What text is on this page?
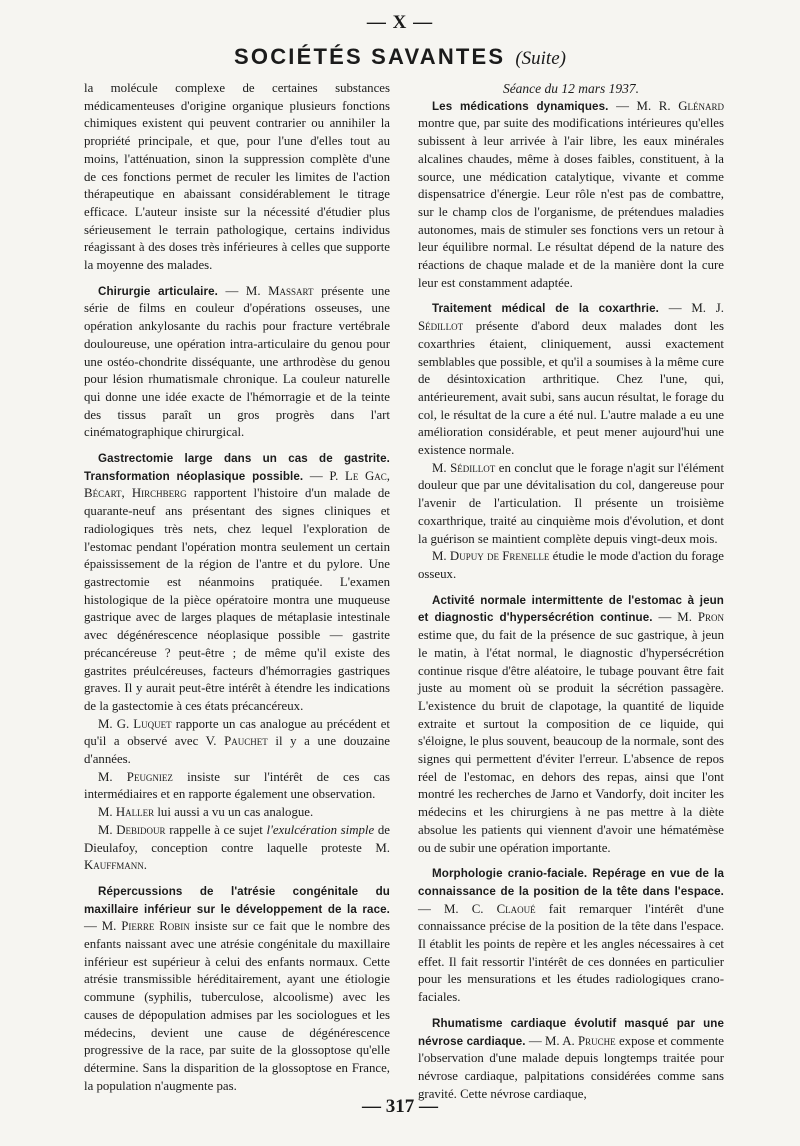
— X —
SOCIÉTÉS SAVANTES (Suite)

la molécule complexe de certaines substances médicamenteuses d'origine organique plusieurs fonctions chimiques existent qui peuvent contrarier ou annihiler la propriété principale, et que, pour l'une d'elles tout au moins, l'atténuation, sinon la suppression complète d'une de ces fonctions permet de reculer les limites de l'action thérapeutique en abaissant considérablement le titrage efficace. L'auteur insiste sur la nécessité d'étudier plus sérieusement le terrain pathologique, certains individus réagissant à des doses très inférieures à celles que supporte la moyenne des malades.

Chirurgie articulaire. — M. Massart présente une série de films en couleur d'opérations osseuses, une opération ankylosante du rachis pour fracture vertébrale douloureuse, une opération intra-articulaire du genou pour une ostéo-chondrite disséquante, une arthrodèse du genou pour lésion rhumatismale chronique. La couleur naturelle qui donne une idée exacte de l'hémorragie et de la teinte des tissus paraît un gros progrès dans l'art cinématographique chirurgical.

Gastrectomie large dans un cas de gastrite. Transformation néoplasique possible. — P. Le Gac, Bécart, Hirchberg rapportent l'histoire d'un malade de quarante-neuf ans présentant des signes cliniques et radiologiques très nets, chez lequel l'exploration de l'estomac pendant l'opération montra seulement un certain épaississement de la région de l'antre et du pylore. Une gastrectomie est néanmoins pratiquée. L'examen histologique de la pièce opératoire montra une muqueuse gastrique avec de larges plaques de métaplasie intestinale avec dégénérescence néoplasique possible — gastrite précancéreuse ? peut-être ; de même qu'il existe des gastrites préulcéreuses, facteurs d'hémorragies gastriques graves. Il y aurait peut-être intérêt à étendre les indications de la gastectomie à ces états précancéreux.

M. G. Luquet rapporte un cas analogue au précédent et qu'il a observé avec V. Pauchet il y a une douzaine d'années.

M. Peugniez insiste sur l'intérêt de ces cas intermédiaires et en rapporte également une observation.

M. Haller lui aussi a vu un cas analogue.

M. Debidour rappelle à ce sujet l'exulcération simple de Dieulafoy, conception contre laquelle proteste M. Kauffmann.

Répercussions de l'atrésie congénitale du maxillaire inférieur sur le développement de la race. — M. Pierre Robin insiste sur ce fait que le nombre des enfants naissant avec une atrésie congénitale du maxillaire inférieur est supérieur à celui des enfants normaux. Cette atrésie transmissible héréditairement, ayant une étiologie commune (syphilis, tuberculose, alcoolisme) avec les causes de dépopulation admises par les sociologues et les médecins, devient une cause de dégénérescence progressive de la race, par suite de la glossoptose qu'elle détermine. Sans la disparition de la glossoptose en France, la population n'augmente pas.

Séance du 12 mars 1937.

Les médications dynamiques. — M. R. Glénard montre que, par suite des modifications intérieures qu'elles subissent à leur arrivée à l'air libre, les eaux minérales alcalines chaudes, même à doses faibles, constituent, à la source, une médication catalytique, vivante et comme dispensatrice d'énergie. Leur rôle n'est pas de combattre, sur le champ clos de l'organisme, de prétendues maladies autonomes, mais de stimuler ses fonctions vers un retour à leur équilibre normal. Le résultat dépend de la nature des réactions de chaque malade et de la manière dont la cure leur est constamment adaptée.

Traitement médical de la coxarthrie. — M. J. Sédillot présente d'abord deux malades dont les coxarthries étaient, cliniquement, aussi exactement semblables que possible, et qu'il a soumises à la même cure de désintoxication arthritique. Chez l'une, qui, antérieurement, avait subi, sans aucun résultat, le forage du col, le résultat de la cure a été nul. L'autre malade a eu une amélioration considérable, et peut mener aujourd'hui une existence normale.

M. Sédillot en conclut que le forage n'agit sur l'élément douleur que par une dévitalisation du col, dangereuse pour l'avenir de l'articulation. Il présente un troisième coxarthrique, traité au cinquième mois d'évolution, et dont la guérison se maintient complète depuis vingt-deux mois.

M. Dupuy de Frenelle étudie le mode d'action du forage osseux.

Activité normale intermittente de l'estomac à jeun et diagnostic d'hypersécrétion continue. — M. Pron estime que, du fait de la présence de suc gastrique, à jeun le matin, à l'état normal, le diagnostic d'hypersécrétion continue risque d'être aléatoire, le tubage pouvant être fait juste au moment où se produit la sécrétion passagère. L'existence du bruit de clapotage, la quantité de liquide extraite et surtout la composition de ce liquide, qui s'éloigne, le plus souvent, beaucoup de la normale, sont des signes qui permettent d'éviter l'erreur. L'absence de repos réel de l'estomac, en dehors des repas, ainsi que l'ont montré les recherches de Jarno et Vandorfy, doit inciter les médecins et les chirurgiens à ne pas mettre à la diète absolue les patients qui viennent d'avoir une hématémèse ou de subir une opération importante.

Morphologie cranio-faciale. Repérage en vue de la connaissance de la position de la tête dans l'espace. — M. C. Claoué fait remarquer l'intérêt d'une connaissance précise de la position de la tête dans l'espace. Il établit les points de repère et les angles nécessaires à cet effet. Il fait ressortir l'intérêt de ces données en particulier pour les mensurations et les études radiologiques crano-faciales.

Rhumatisme cardiaque évolutif masqué par une névrose cardiaque. — M. A. Pruche expose et commente l'observation d'une malade depuis longtemps traitée pour névrose cardiaque, palpitations considérées comme sans gravité. Cette névrose cardiaque,

— 317 —
